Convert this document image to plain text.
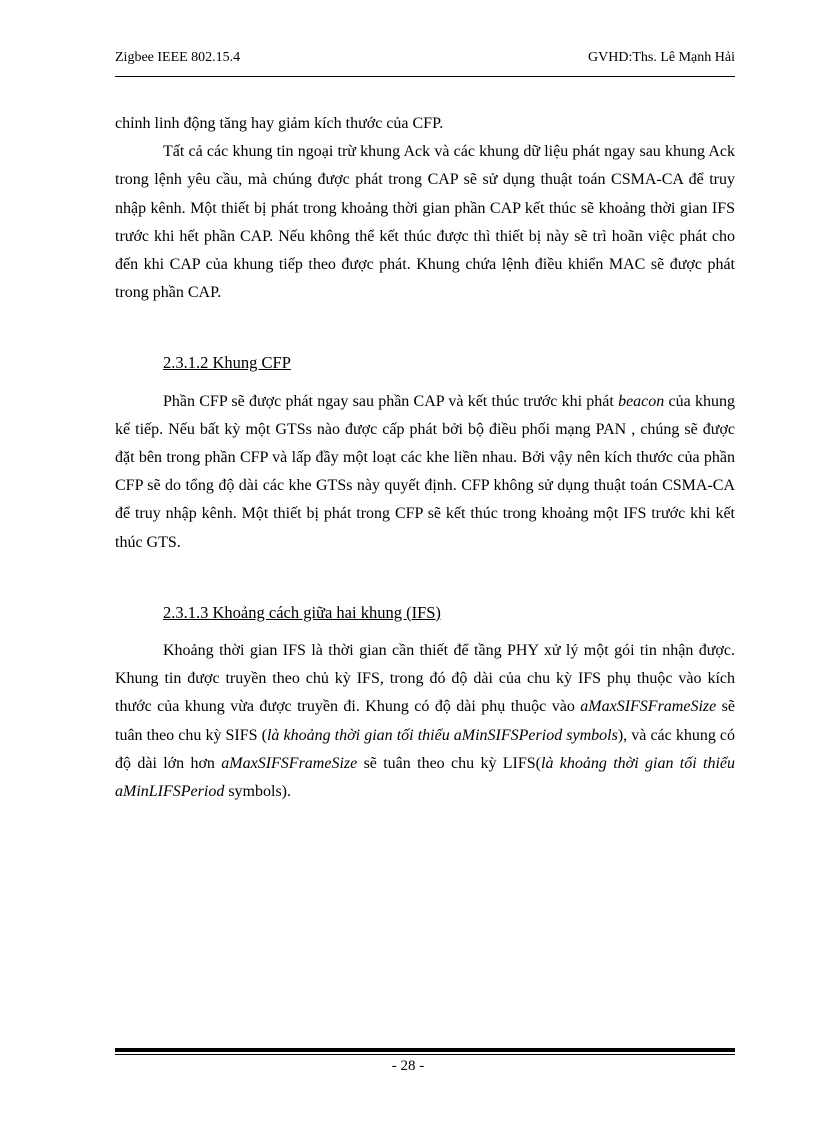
Zigbee IEEE 802.15.4	GVHD:Ths. Lê Mạnh Hải

chỉnh linh động tăng hay giảm kích thước của CFP.

Tất cả các khung tin ngoại trừ khung Ack và các khung dữ liệu phát ngay sau khung Ack trong lệnh yêu cầu, mà chúng được phát trong CAP sẽ sử dụng thuật toán CSMA-CA để truy nhập kênh. Một thiết bị phát trong khoảng thời gian phần CAP kết thúc sẽ khoảng thời gian IFS trước khi hết phần CAP. Nếu không thể kết thúc được thì thiết bị này sẽ trì hoãn việc phát cho đến khi CAP của khung tiếp theo được phát. Khung chứa lệnh điều khiển MAC sẽ được phát trong phần CAP.

2.3.1.2 Khung CFP

Phần CFP sẽ được phát ngay sau phần CAP và kết thúc trước khi phát beacon của khung kế tiếp. Nếu bất kỳ một GTSs nào được cấp phát bởi bộ điều phối mạng PAN , chúng sẽ được đặt bên trong phần CFP và lấp đầy một loạt các khe liền nhau. Bởi vậy nên kích thước của phần CFP sẽ do tổng độ dài các khe GTSs này quyết định. CFP không sử dụng thuật toán CSMA-CA để truy nhập kênh. Một thiết bị phát trong CFP sẽ kết thúc trong khoảng một IFS trước khi kết thúc GTS.

2.3.1.3 Khoảng cách giữa hai khung (IFS)

Khoảng thời gian IFS là thời gian cần thiết để tầng PHY xử lý một gói tin nhận được. Khung tin được truyền theo chủ kỳ IFS, trong đó độ dài của chu kỳ IFS phụ thuộc vào kích thước của khung vừa được truyền đi. Khung có độ dài phụ thuộc vào aMaxSIFSFrameSize sẽ tuân theo chu kỳ SIFS (là khoảng thời gian tối thiểu aMinSIFSPeriod symbols), và các khung có độ dài lớn hơn aMaxSIFSFrameSize sẽ tuân theo chu kỳ LIFS(là khoảng thời gian tối thiểu aMinLIFSPeriod symbols).

- 28 -
